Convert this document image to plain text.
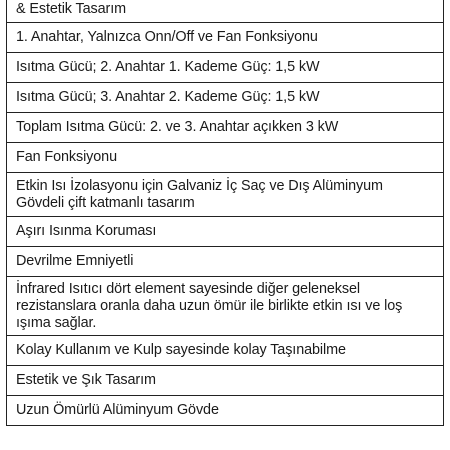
& Estetik Tasarım
1. Anahtar, Yalnızca Onn/Off ve Fan Fonksiyonu
Isıtma Gücü; 2. Anahtar 1. Kademe Güç: 1,5 kW
Isıtma Gücü; 3. Anahtar 2. Kademe Güç: 1,5 kW
Toplam Isıtma Gücü: 2. ve 3. Anahtar açıkken 3 kW
Fan Fonksiyonu
Etkin Isı İzolasyonu için Galvaniz İç Saç ve Dış Alüminyum Gövdeli çift katmanlı tasarım
Aşırı Isınma Koruması
Devrilme Emniyetli
İnfrared Isıtıcı dört element sayesinde diğer geleneksel rezistanslara oranla daha uzun ömür ile birlikte etkin ısı ve loş ışıma sağlar.
Kolay Kullanım ve Kulp sayesinde kolay Taşınabilme
Estetik ve Şık Tasarım
Uzun Ömürlü Alüminyum Gövde
